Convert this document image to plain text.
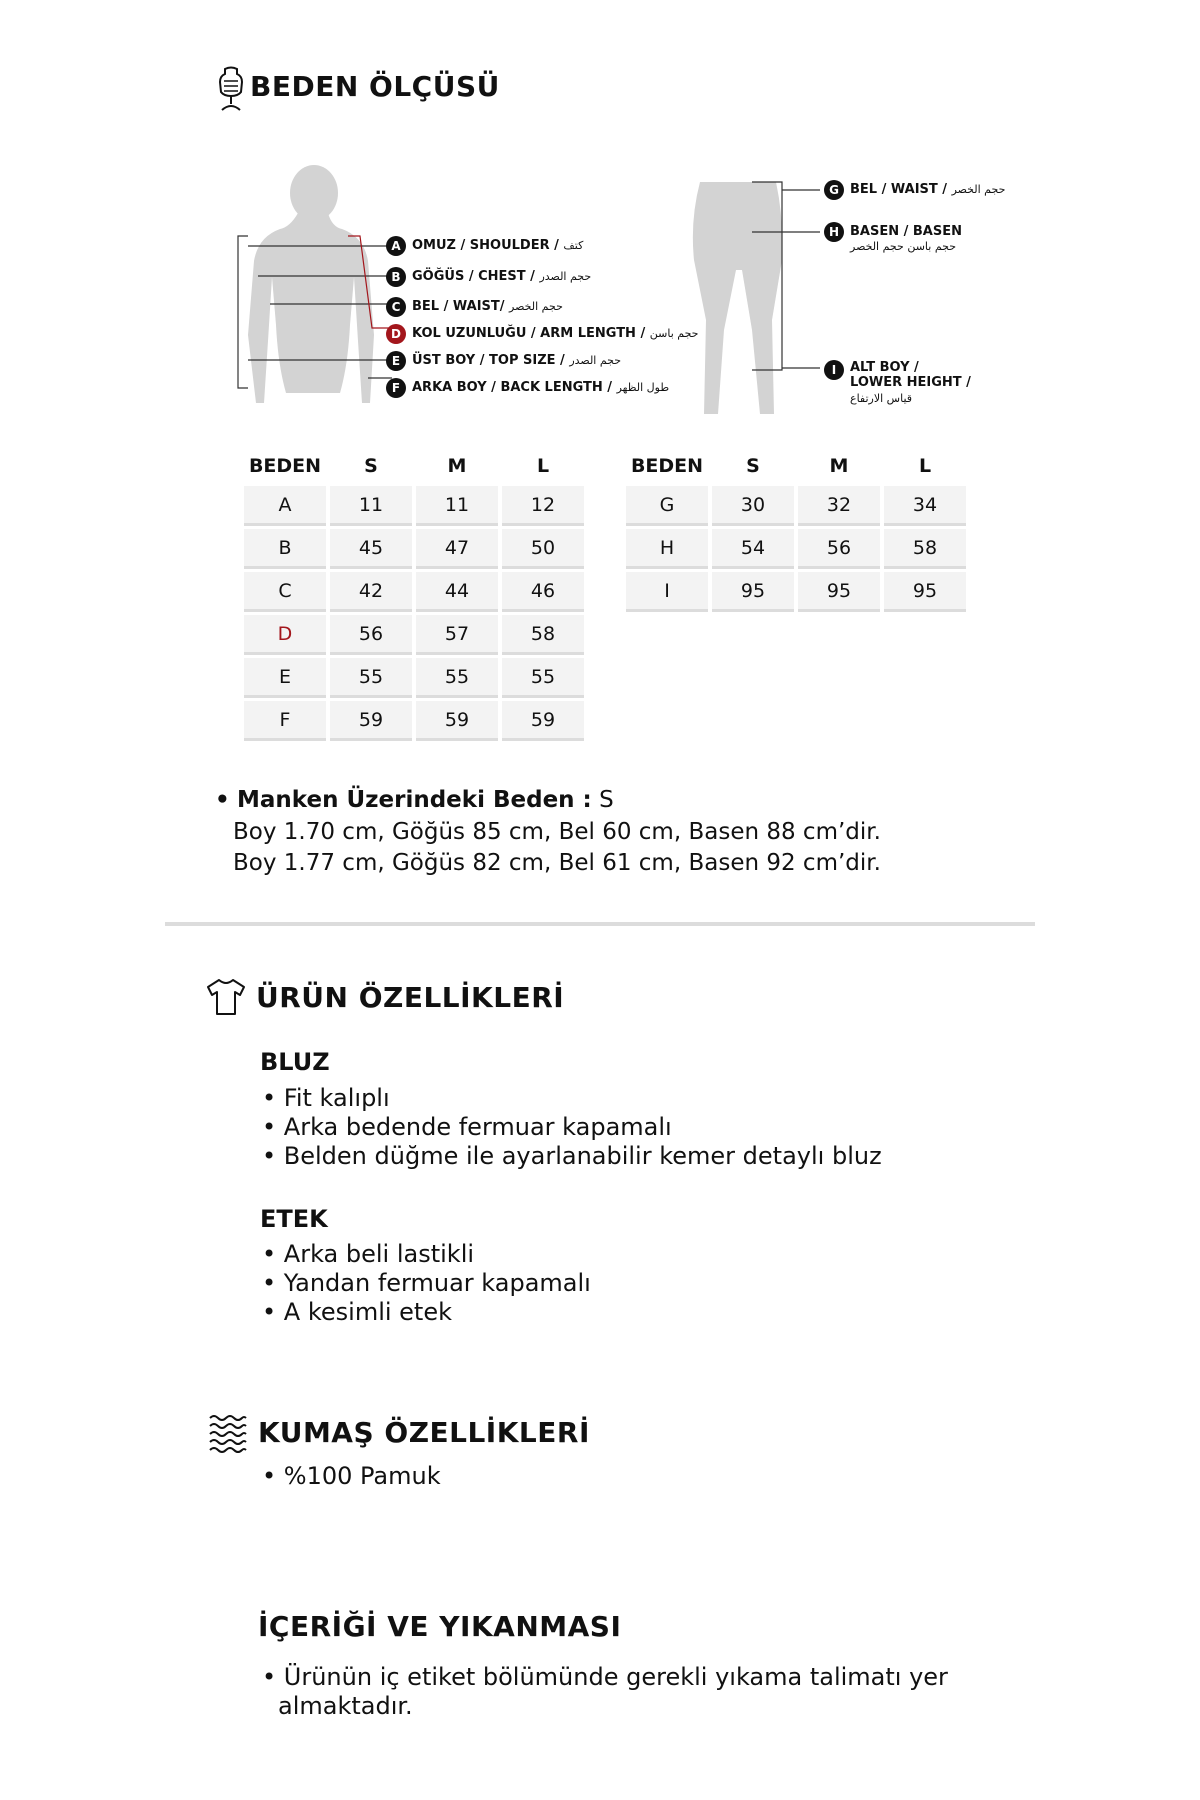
BEDEN ÖLÇÜSÜ
A OMUZ / SHOULDER / كتف
B GÖĞÜS / CHEST / حجم الصدر
C BEL / WAIST/ حجم الخصر
D KOL UZUNLUĞU / ARM LENGTH / حجم باسن
E ÜST BOY / TOP SIZE / حجم الصدر
F ARKA BOY / BACK LENGTH / طول الظهر
G BEL / WAIST / حجم الخصر
H BASEN / BASEN
حجم باسن حجم الخصر
I	ALT BOY /
LOWER HEIGHT /
قياس الارتفاع
BEDEN	S	M	L
A	11	11	12
B	45	47	50
C	42	44	46
D	56	57	58
E	55	55	55
F	59	59	59
BEDEN	S	M	L
G	30	32	34
H	54	56	58
I	95	95	95
• Manken Üzerindeki Beden : S
Boy 1.70 cm, Göğüs 85 cm, Bel 60 cm, Basen 88 cm’dir.
Boy 1.77 cm, Göğüs 82 cm, Bel 61 cm, Basen 92 cm’dir.
ÜRÜN ÖZELLİKLERİ
BLUZ
• Fit kalıplı
• Arka bedende fermuar kapamalı
• Belden düğme ile ayarlanabilir kemer detaylı bluz
ETEK
• Arka beli lastikli
• Yandan fermuar kapamalı
• A kesimli etek
KUMAŞ ÖZELLİKLERİ
• %100 Pamuk
İÇERİĞİ VE YIKANMASI
• Ürünün iç etiket bölümünde gerekli yıkama talimatı yer
almaktadır.
